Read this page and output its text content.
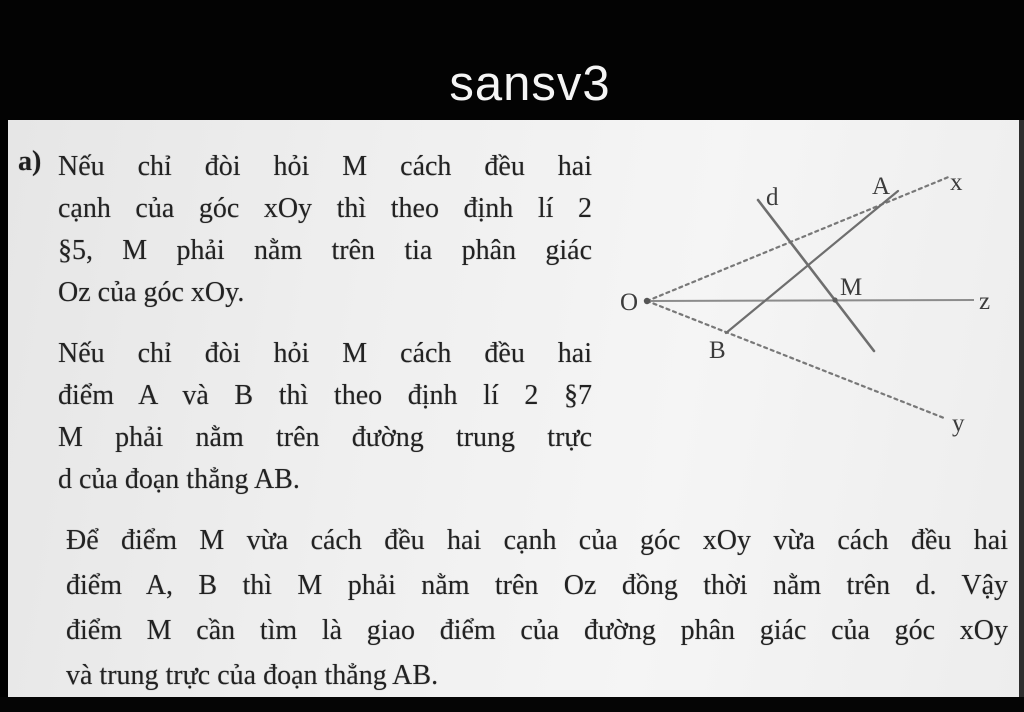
sansv3
a) Nếu chỉ đòi hỏi M cách đều hai
cạnh của góc xOy thì theo định lí 2
§5, M phải nằm trên tia phân giác
Oz của góc xOy.
Nếu chỉ đòi hỏi M cách đều hai
điểm A và B thì theo định lí 2 §7
M phải nằm trên đường trung trực
d của đoạn thẳng AB.
Để điểm M vừa cách đều hai cạnh của góc xOy vừa cách đều hai
điểm A, B thì M phải nằm trên Oz đồng thời nằm trên d. Vậy
điểm M cần tìm là giao điểm của đường phân giác của góc xOy
và trung trực của đoạn thẳng AB.
O
d	A x
M
z
B
y
